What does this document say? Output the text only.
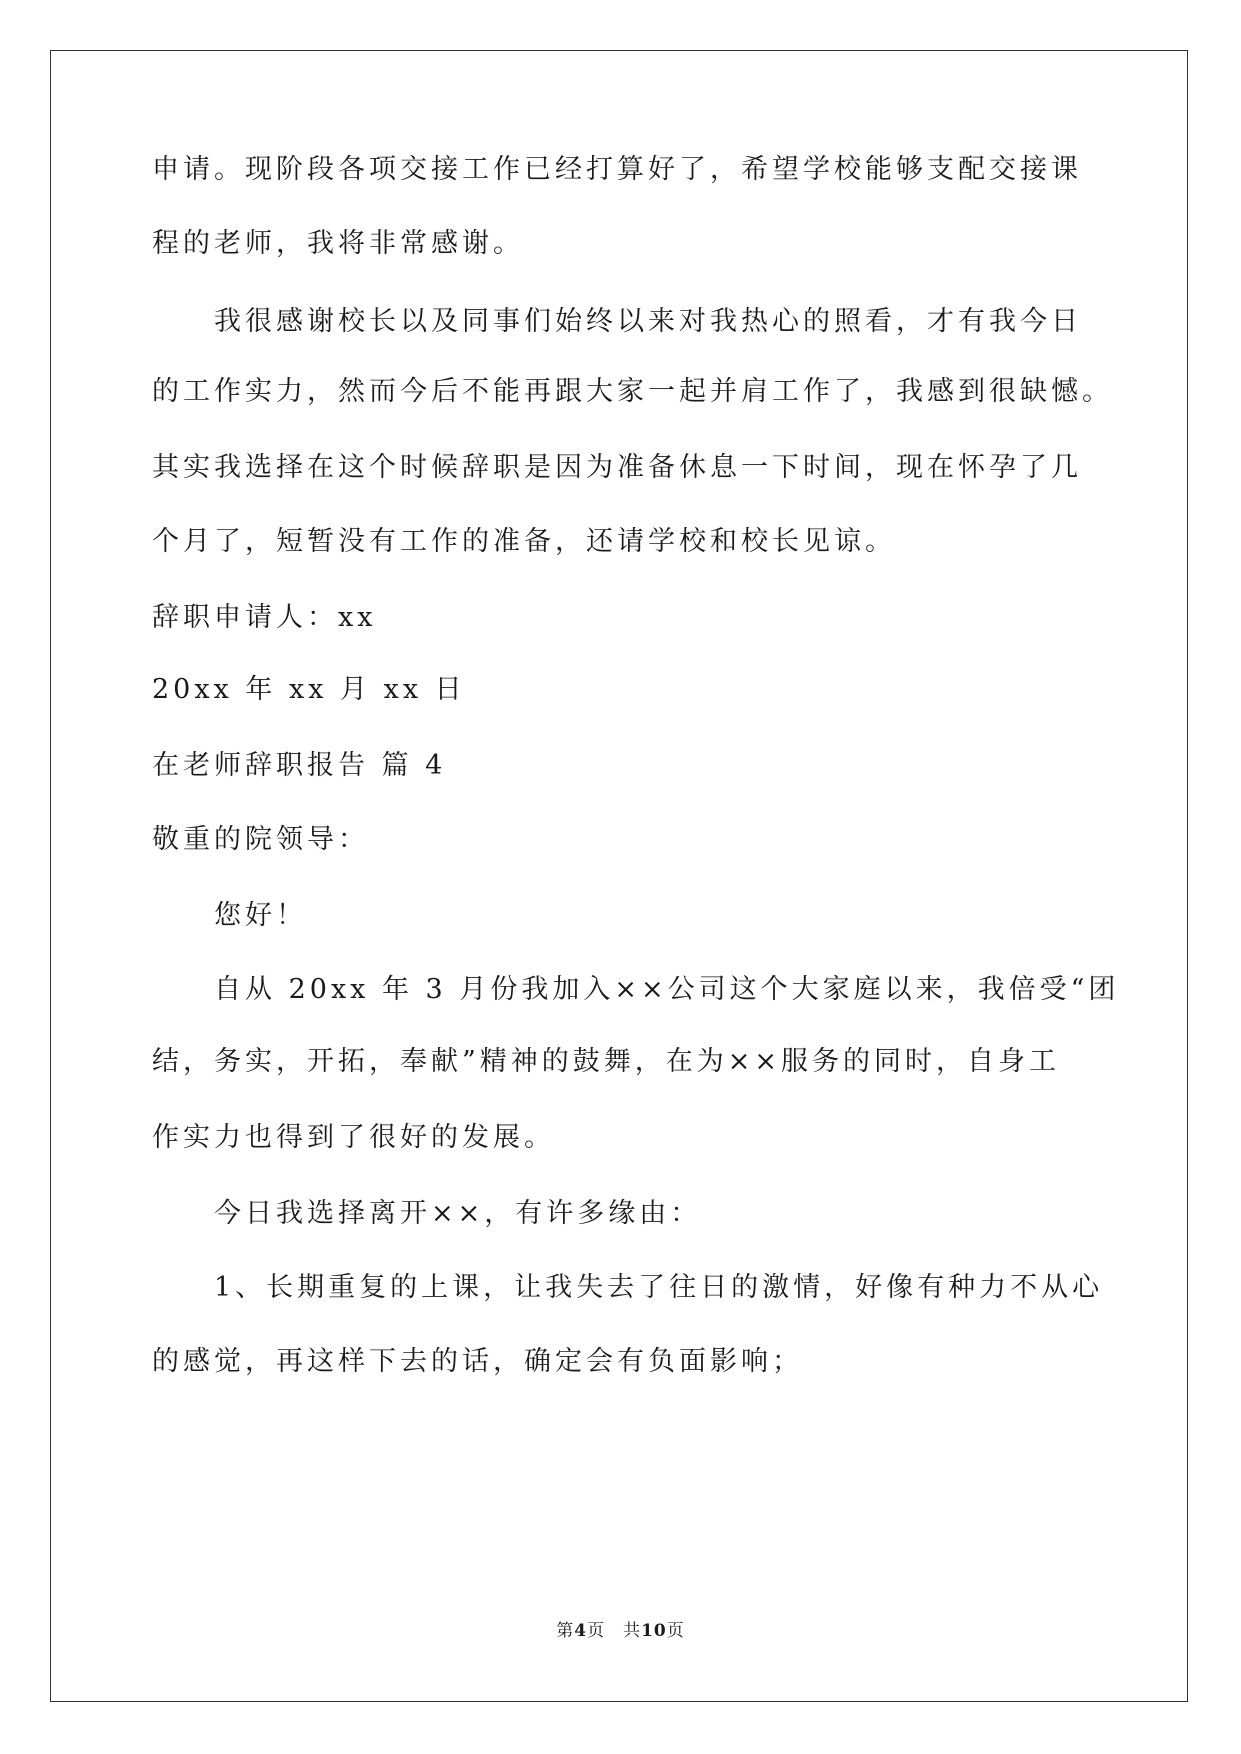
申请。现阶段各项交接工作已经打算好了，希望学校能够支配交接课
程的老师，我将非常感谢。
我很感谢校长以及同事们始终以来对我热心的照看，才有我今日
的工作实力，然而今后不能再跟大家一起并肩工作了，我感到很缺憾。
其实我选择在这个时候辞职是因为准备休息一下时间，现在怀孕了几
个月了，短暂没有工作的准备，还请学校和校长见谅。
辞职申请人：xx
20xx 年 xx 月 xx 日
在老师辞职报告 篇 4
敬重的院领导：
您好！
自从 20xx 年 3 月份我加入××公司这个大家庭以来，我倍受“团
结，务实，开拓，奉献”精神的鼓舞，在为××服务的同时，自身工
作实力也得到了很好的发展。
今日我选择离开××，有许多缘由：
1、长期重复的上课，让我失去了往日的激情，好像有种力不从心
的感觉，再这样下去的话，确定会有负面影响；
第4页　共10页
